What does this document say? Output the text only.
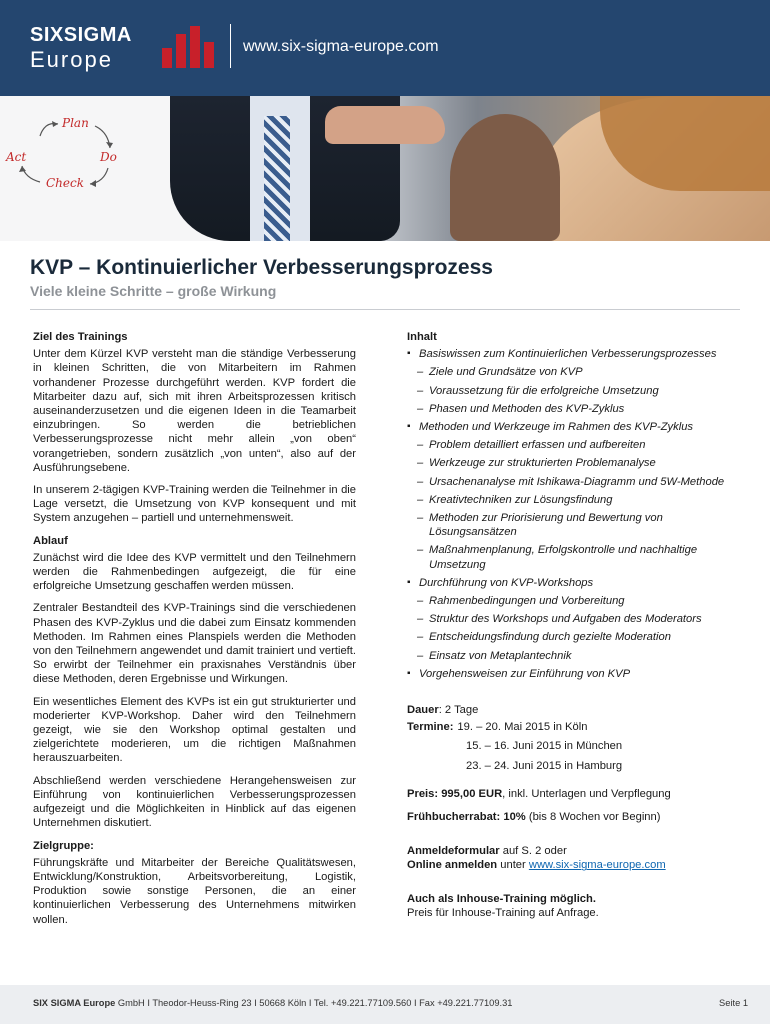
SIXSIGMA
Europe
www.six-sigma-europe.com
Plan
Do
Check
Act
KVP – Kontinuierlicher Verbesserungsprozess
Viele kleine Schritte – große Wirkung
Ziel des Trainings

Unter dem Kürzel KVP versteht man die ständige Verbesserung in kleinen Schritten, die von Mitarbeitern im Rahmen vorhandener Prozesse durchgeführt werden. KVP fordert die Mitarbeiter dazu auf, sich mit ihren Arbeitsprozessen kritisch auseinanderzusetzen und die eigenen Ideen in die Teamarbeit einzubringen. So werden die betrieblichen Verbesserungsprozesse nicht mehr allein „von oben“ vorangetrieben, sondern zusätzlich „von unten“, also auf der Ausführungsebene.

In unserem 2-tägigen KVP-Training werden die Teilnehmer in die Lage versetzt, die Umsetzung von KVP konsequent und mit System anzugehen – partiell und unternehmensweit.

Ablauf

Zunächst wird die Idee des KVP vermittelt und den Teilnehmern werden die Rahmenbedingen aufgezeigt, die für eine erfolgreiche Umsetzung geschaffen werden müssen.

Zentraler Bestandteil des KVP-Trainings sind die verschiedenen Phasen des KVP-Zyklus und die dabei zum Einsatz kommenden Methoden. Im Rahmen eines Planspiels werden die Methoden von den Teilnehmern angewendet und damit trainiert und vertieft. So erwirbt der Teilnehmer ein praxisnahes Verständnis über diese Methoden, deren Ergebnisse und Wirkungen.

Ein wesentliches Element des KVPs ist ein gut strukturierter und moderierter KVP-Workshop. Daher wird den Teilnehmern gezeigt, wie sie den Workshop optimal gestalten und zielgerichtete moderieren, um die richtigen Maßnahmen herauszuarbeiten.

Abschließend werden verschiedene Herangehensweisen zur Einführung von kontinuierlichen Verbesserungsprozessen aufgezeigt und die Möglichkeiten in Hinblick auf das eigenen Unternehmen diskutiert.

Zielgruppe:

Führungskräfte und Mitarbeiter der Bereiche Qualitätswesen, Entwicklung/Konstruktion, Arbeitsvorbereitung, Logistik, Produktion sowie sonstige Personen, die an einer kontinuierlichen Verbesserung des Unternehmens mitwirken wollen.

Inhalt
▪ Basiswissen zum Kontinuierlichen Verbesserungsprozesses
– Ziele und Grundsätze von KVP
– Voraussetzung für die erfolgreiche Umsetzung
– Phasen und Methoden des KVP-Zyklus
▪ Methoden und Werkzeuge im Rahmen des KVP-Zyklus
– Problem detailliert erfassen und aufbereiten
– Werkzeuge zur strukturierten Problemanalyse
– Ursachenanalyse mit Ishikawa-Diagramm und 5W-Methode
– Kreativtechniken zur Lösungsfindung
– Methoden zur Priorisierung und Bewertung von Lösungsansätzen
– Maßnahmenplanung, Erfolgskontrolle und nachhaltige Umsetzung
▪ Durchführung von KVP-Workshops
– Rahmenbedingungen und Vorbereitung
– Struktur des Workshops und Aufgaben des Moderators
– Entscheidungsfindung durch gezielte Moderation
– Einsatz von Metaplantechnik
▪ Vorgehensweisen zur Einführung von KVP
Dauer: 2 Tage
Termine: 19. – 20. Mai 2015 in Köln
15. – 16. Juni 2015 in München
23. – 24. Juni 2015 in Hamburg
Preis: 995,00 EUR, inkl. Unterlagen und Verpflegung
Frühbucherrabat: 10% (bis 8 Wochen vor Beginn)
Anmeldeformular auf S. 2 oder
Online anmelden unter www.six-sigma-europe.com
Auch als Inhouse-Training möglich.
Preis für Inhouse-Training auf Anfrage.
SIX SIGMA Europe GmbH I Theodor-Heuss-Ring 23 I 50668 Köln I Tel. +49.221.77109.560 I Fax +49.221.77109.31	Seite 1
